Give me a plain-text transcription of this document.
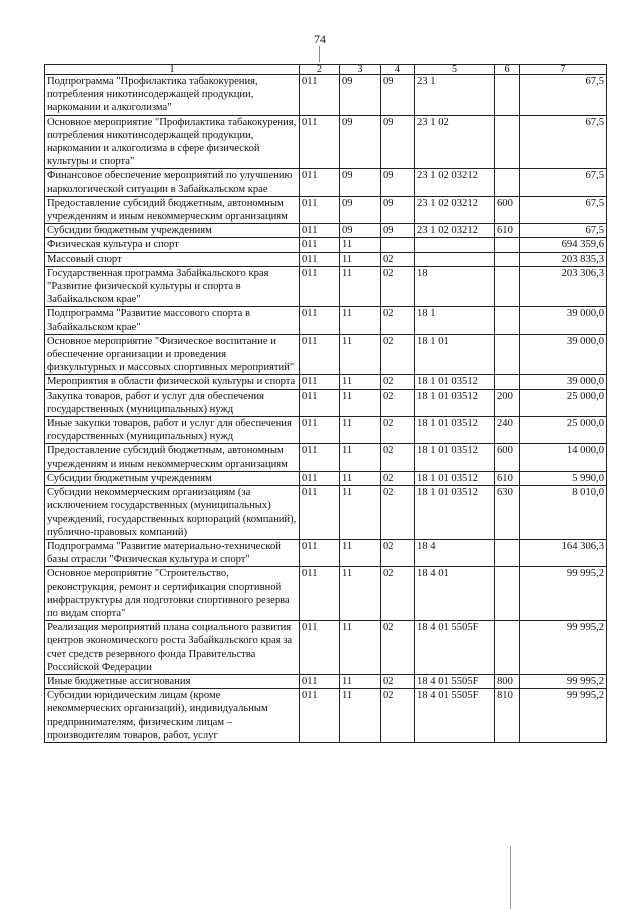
74
1	2	3	4	5	6	7
Подпрограмма "Профилактика табакокурения, потребления никотинсодержащей продукции, наркомании и алкоголизма"	011	09	09	23 1		67,5
Основное мероприятие "Профилактика табакокурения, потребления никотинсодержащей продукции, наркомании и алкоголизма в сфере физической культуры и спорта"	011	09	09	23 1 02		67,5
Финансовое обеспечение мероприятий по улучшению наркологической ситуации в Забайкальском крае	011	09	09	23 1 02 03212		67,5
Предоставление субсидий бюджетным, автономным учреждениям и иным некоммерческим организациям	011	09	09	23 1 02 03212	600	67,5
Субсидии бюджетным учреждениям	011	09	09	23 1 02 03212	610	67,5
Физическая культура и спорт	011	11				694 359,6
Массовый спорт	011	11	02			203 835,3
Государственная программа Забайкальского края "Развитие физической культуры и спорта в Забайкальском крае"	011	11	02	18		203 306,3
Подпрограмма "Развитие массового спорта в Забайкальском крае"	011	11	02	18 1		39 000,0
Основное мероприятие "Физическое воспитание и обеспечение организации и проведения физкультурных и массовых спортивных мероприятий"	011	11	02	18 1 01		39 000,0
Мероприятия в области физической культуры и спорта	011	11	02	18 1 01 03512		39 000,0
Закупка товаров, работ и услуг для обеспечения государственных (муниципальных) нужд	011	11	02	18 1 01 03512	200	25 000,0
Иные закупки товаров, работ и услуг для обеспечения государственных (муниципальных) нужд	011	11	02	18 1 01 03512	240	25 000,0
Предоставление субсидий бюджетным, автономным учреждениям и иным некоммерческим организациям	011	11	02	18 1 01 03512	600	14 000,0
Субсидии бюджетным учреждениям	011	11	02	18 1 01 03512	610	5 990,0
Субсидии некоммерческим организациям (за исключением государственных (муниципальных) учреждений, государственных корпораций (компаний), публично-правовых компаний)	011	11	02	18 1 01 03512	630	8 010,0
Подпрограмма "Развитие материально-технической базы отрасли "Физическая культура и спорт"	011	11	02	18 4		164 306,3
Основное мероприятие "Строительство, реконструкция, ремонт и сертификация спортивной инфраструктуры для подготовки спортивного резерва по видам спорта"	011	11	02	18 4 01		99 995,2
Реализация мероприятий плана социального развития центров экономического роста Забайкальского края за счет средств резервного фонда Правительства Российской Федерации	011	11	02	18 4 01 5505F		99 995,2
Иные бюджетные ассигнования	011	11	02	18 4 01 5505F	800	99 995,2
Субсидии юридическим лицам (кроме некоммерческих организаций), индивидуальным предпринимателям, физическим лицам – производителям товаров, работ, услуг	011	11	02	18 4 01 5505F	810	99 995,2
